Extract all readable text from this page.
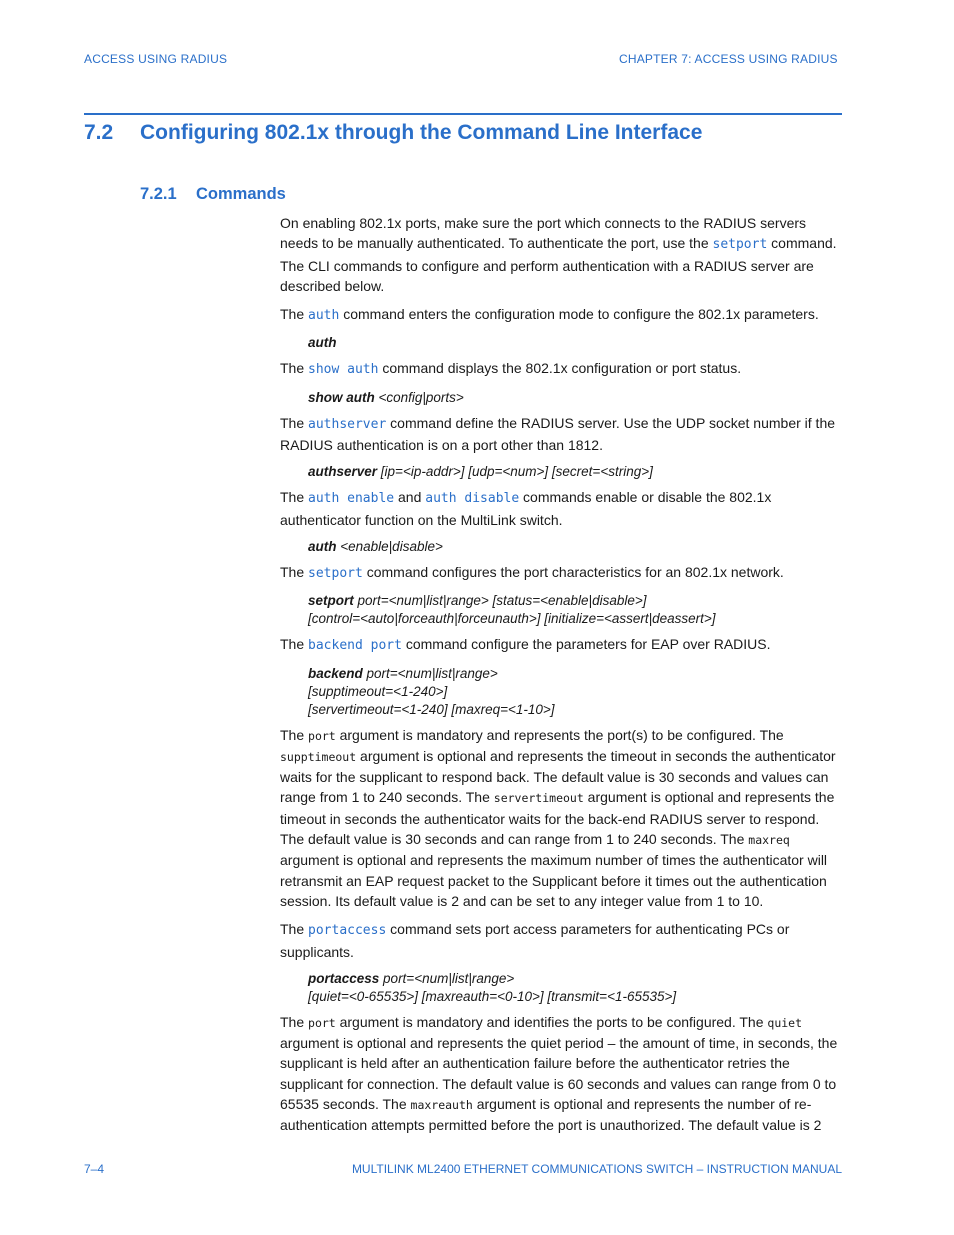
ACCESS USING RADIUS	CHAPTER 7: ACCESS USING RADIUS
7.2 Configuring 802.1x through the Command Line Interface
7.2.1 Commands

On enabling 802.1x ports, make sure the port which connects to the RADIUS servers needs to be manually authenticated. To authenticate the port, use the setport command. The CLI commands to configure and perform authentication with a RADIUS server are described below.

The auth command enters the configuration mode to configure the 802.1x parameters.

auth

The show auth command displays the 802.1x configuration or port status.

show auth <config|ports>

The authserver command define the RADIUS server. Use the UDP socket number if the RADIUS authentication is on a port other than 1812.

authserver [ip=<ip-addr>] [udp=<num>] [secret=<string>]

The auth enable and auth disable commands enable or disable the 802.1x authenticator function on the MultiLink switch.

auth <enable|disable>

The setport command configures the port characteristics for an 802.1x network.

setport port=<num|list|range> [status=<enable|disable>]
[control=<auto|forceauth|forceunauth>] [initialize=<assert|deassert>]

The backend port command configure the parameters for EAP over RADIUS.

backend port=<num|list|range>
[supptimeout=<1-240>]
[servertimeout=<1-240] [maxreq=<1-10>]

The port argument is mandatory and represents the port(s) to be configured. The supptimeout argument is optional and represents the timeout in seconds the authenticator waits for the supplicant to respond back. The default value is 30 seconds and values can range from 1 to 240 seconds. The servertimeout argument is optional and represents the timeout in seconds the authenticator waits for the back-end RADIUS server to respond. The default value is 30 seconds and can range from 1 to 240 seconds. The maxreq argument is optional and represents the maximum number of times the authenticator will retransmit an EAP request packet to the Supplicant before it times out the authentication session. Its default value is 2 and can be set to any integer value from 1 to 10.

The portaccess command sets port access parameters for authenticating PCs or supplicants.

portaccess port=<num|list|range>
[quiet=<0-65535>] [maxreauth=<0-10>] [transmit=<1-65535>]

The port argument is mandatory and identifies the ports to be configured. The quiet argument is optional and represents the quiet period – the amount of time, in seconds, the supplicant is held after an authentication failure before the authenticator retries the supplicant for connection. The default value is 60 seconds and values can range from 0 to 65535 seconds. The maxreauth argument is optional and represents the number of re-authentication attempts permitted before the port is unauthorized. The default value is 2

7–4	MULTILINK ML2400 ETHERNET COMMUNICATIONS SWITCH – INSTRUCTION MANUAL
